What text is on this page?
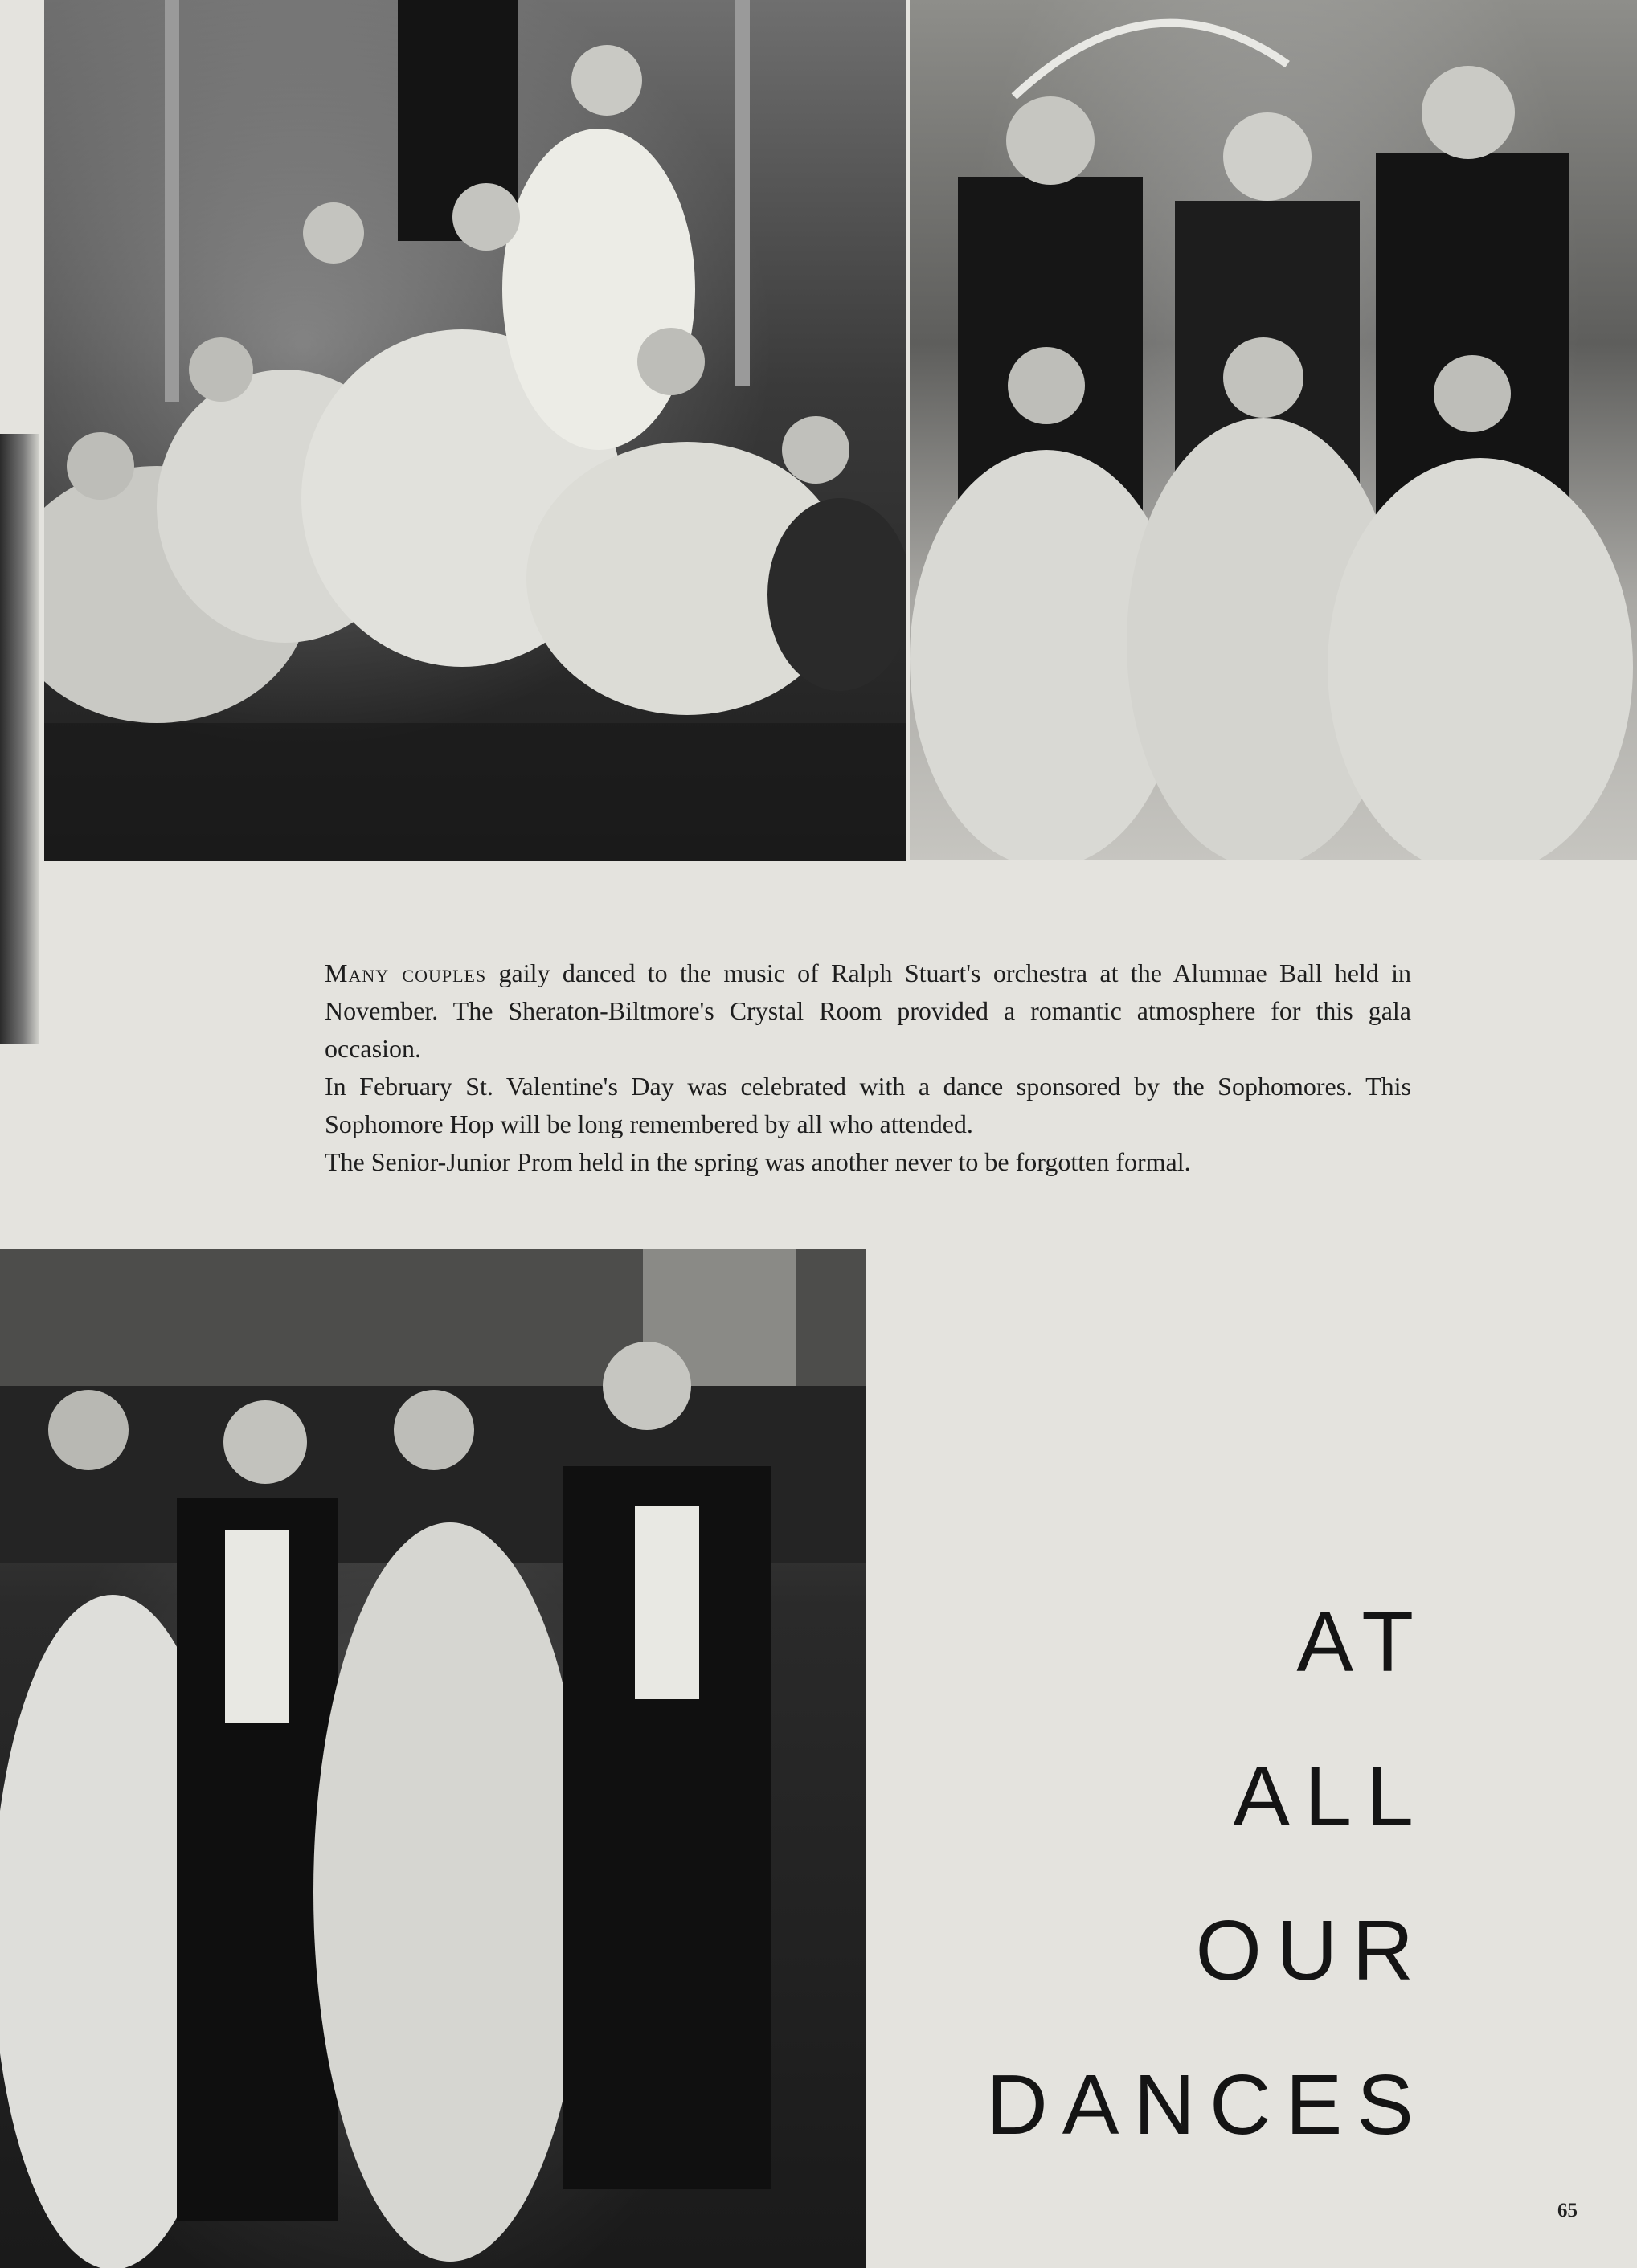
Many couples gaily danced to the music of Ralph Stuart's orchestra at the Alumnae Ball held in November. The Sheraton-Biltmore's Crystal Room provided a romantic atmosphere for this gala occasion.

In February St. Valentine's Day was celebrated with a dance sponsored by the Sophomores. This Sophomore Hop will be long remembered by all who attended.

The Senior-Junior Prom held in the spring was another never to be forgotten formal.

AT
ALL
OUR
DANCES
65
